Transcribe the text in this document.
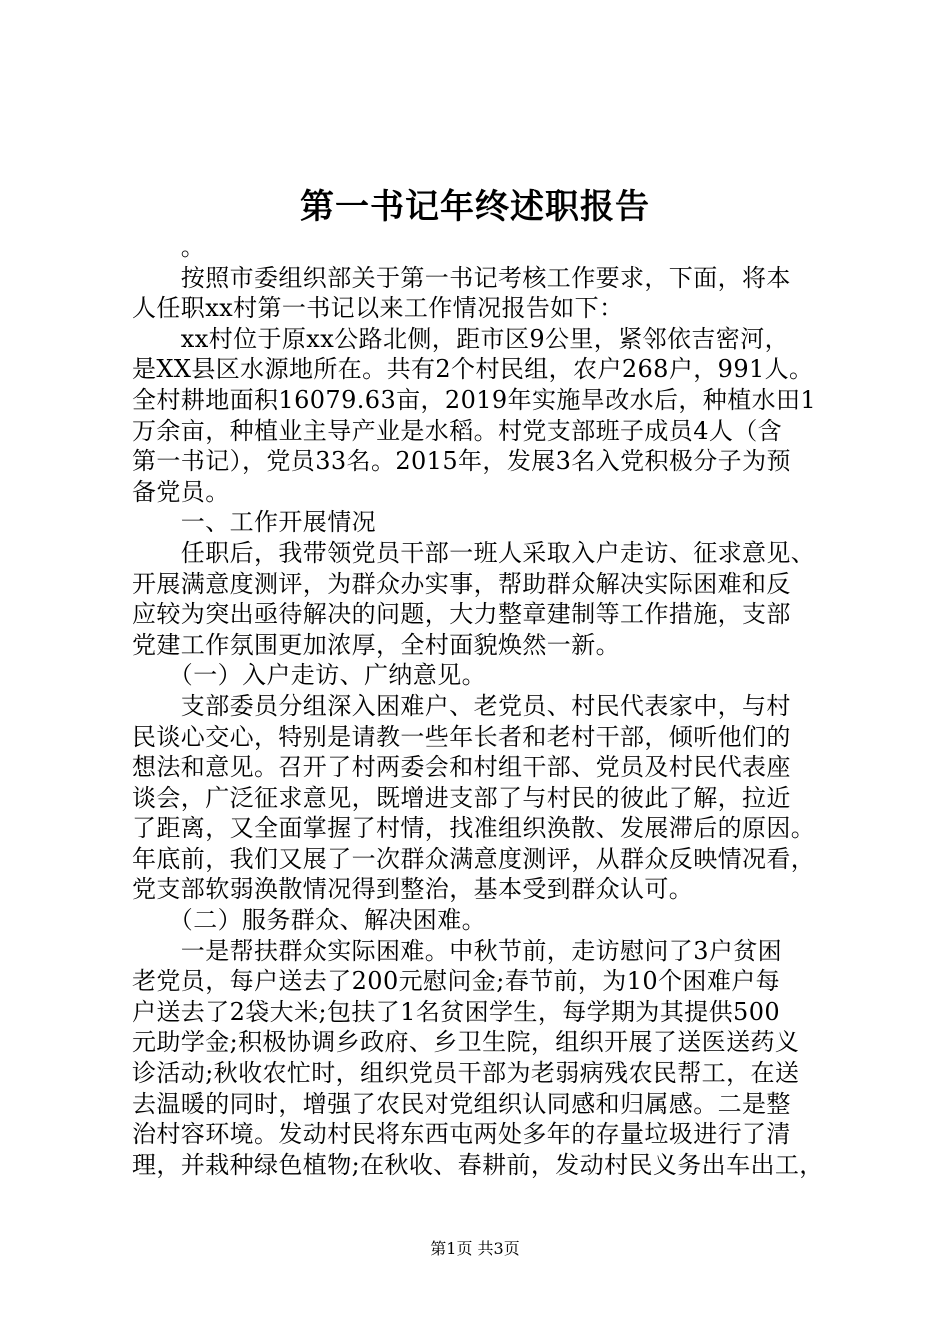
第一书记年终述职报告

　　。

　　按照市委组织部关于第一书记考核工作要求，下面，将本

人任职xx村第一书记以来工作情况报告如下：

　　xx村位于原xx公路北侧，距市区9公里，紧邻依吉密河，

是XX县区水源地所在。共有2个村民组，农户268户，991人。

全村耕地面积16079.63亩，2019年实施旱改水后，种植水田1

万余亩，种植业主导产业是水稻。村党支部班子成员4人（含

第一书记），党员33名。2015年，发展3名入党积极分子为预

备党员。

　　一、工作开展情况

　　任职后，我带领党员干部一班人采取入户走访、征求意见、

开展满意度测评，为群众办实事，帮助群众解决实际困难和反

应较为突出亟待解决的问题，大力整章建制等工作措施，支部

党建工作氛围更加浓厚，全村面貌焕然一新。

　　（一）入户走访、广纳意见。

　　支部委员分组深入困难户、老党员、村民代表家中，与村

民谈心交心，特别是请教一些年长者和老村干部，倾听他们的

想法和意见。召开了村两委会和村组干部、党员及村民代表座

谈会，广泛征求意见，既增进支部了与村民的彼此了解，拉近

了距离，又全面掌握了村情，找准组织涣散、发展滞后的原因。

年底前，我们又展了一次群众满意度测评，从群众反映情况看，

党支部软弱涣散情况得到整治，基本受到群众认可。

　　（二）服务群众、解决困难。

　　一是帮扶群众实际困难。中秋节前，走访慰问了3户贫困

老党员，每户送去了200元慰问金;春节前，为10个困难户每

户送去了2袋大米;包扶了1名贫困学生，每学期为其提供500

元助学金;积极协调乡政府、乡卫生院，组织开展了送医送药义

诊活动;秋收农忙时，组织党员干部为老弱病残农民帮工，在送

去温暖的同时，增强了农民对党组织认同感和归属感。二是整

治村容环境。发动村民将东西屯两处多年的存量垃圾进行了清

理，并栽种绿色植物;在秋收、春耕前，发动村民义务出车出工，

第1页 共3页
